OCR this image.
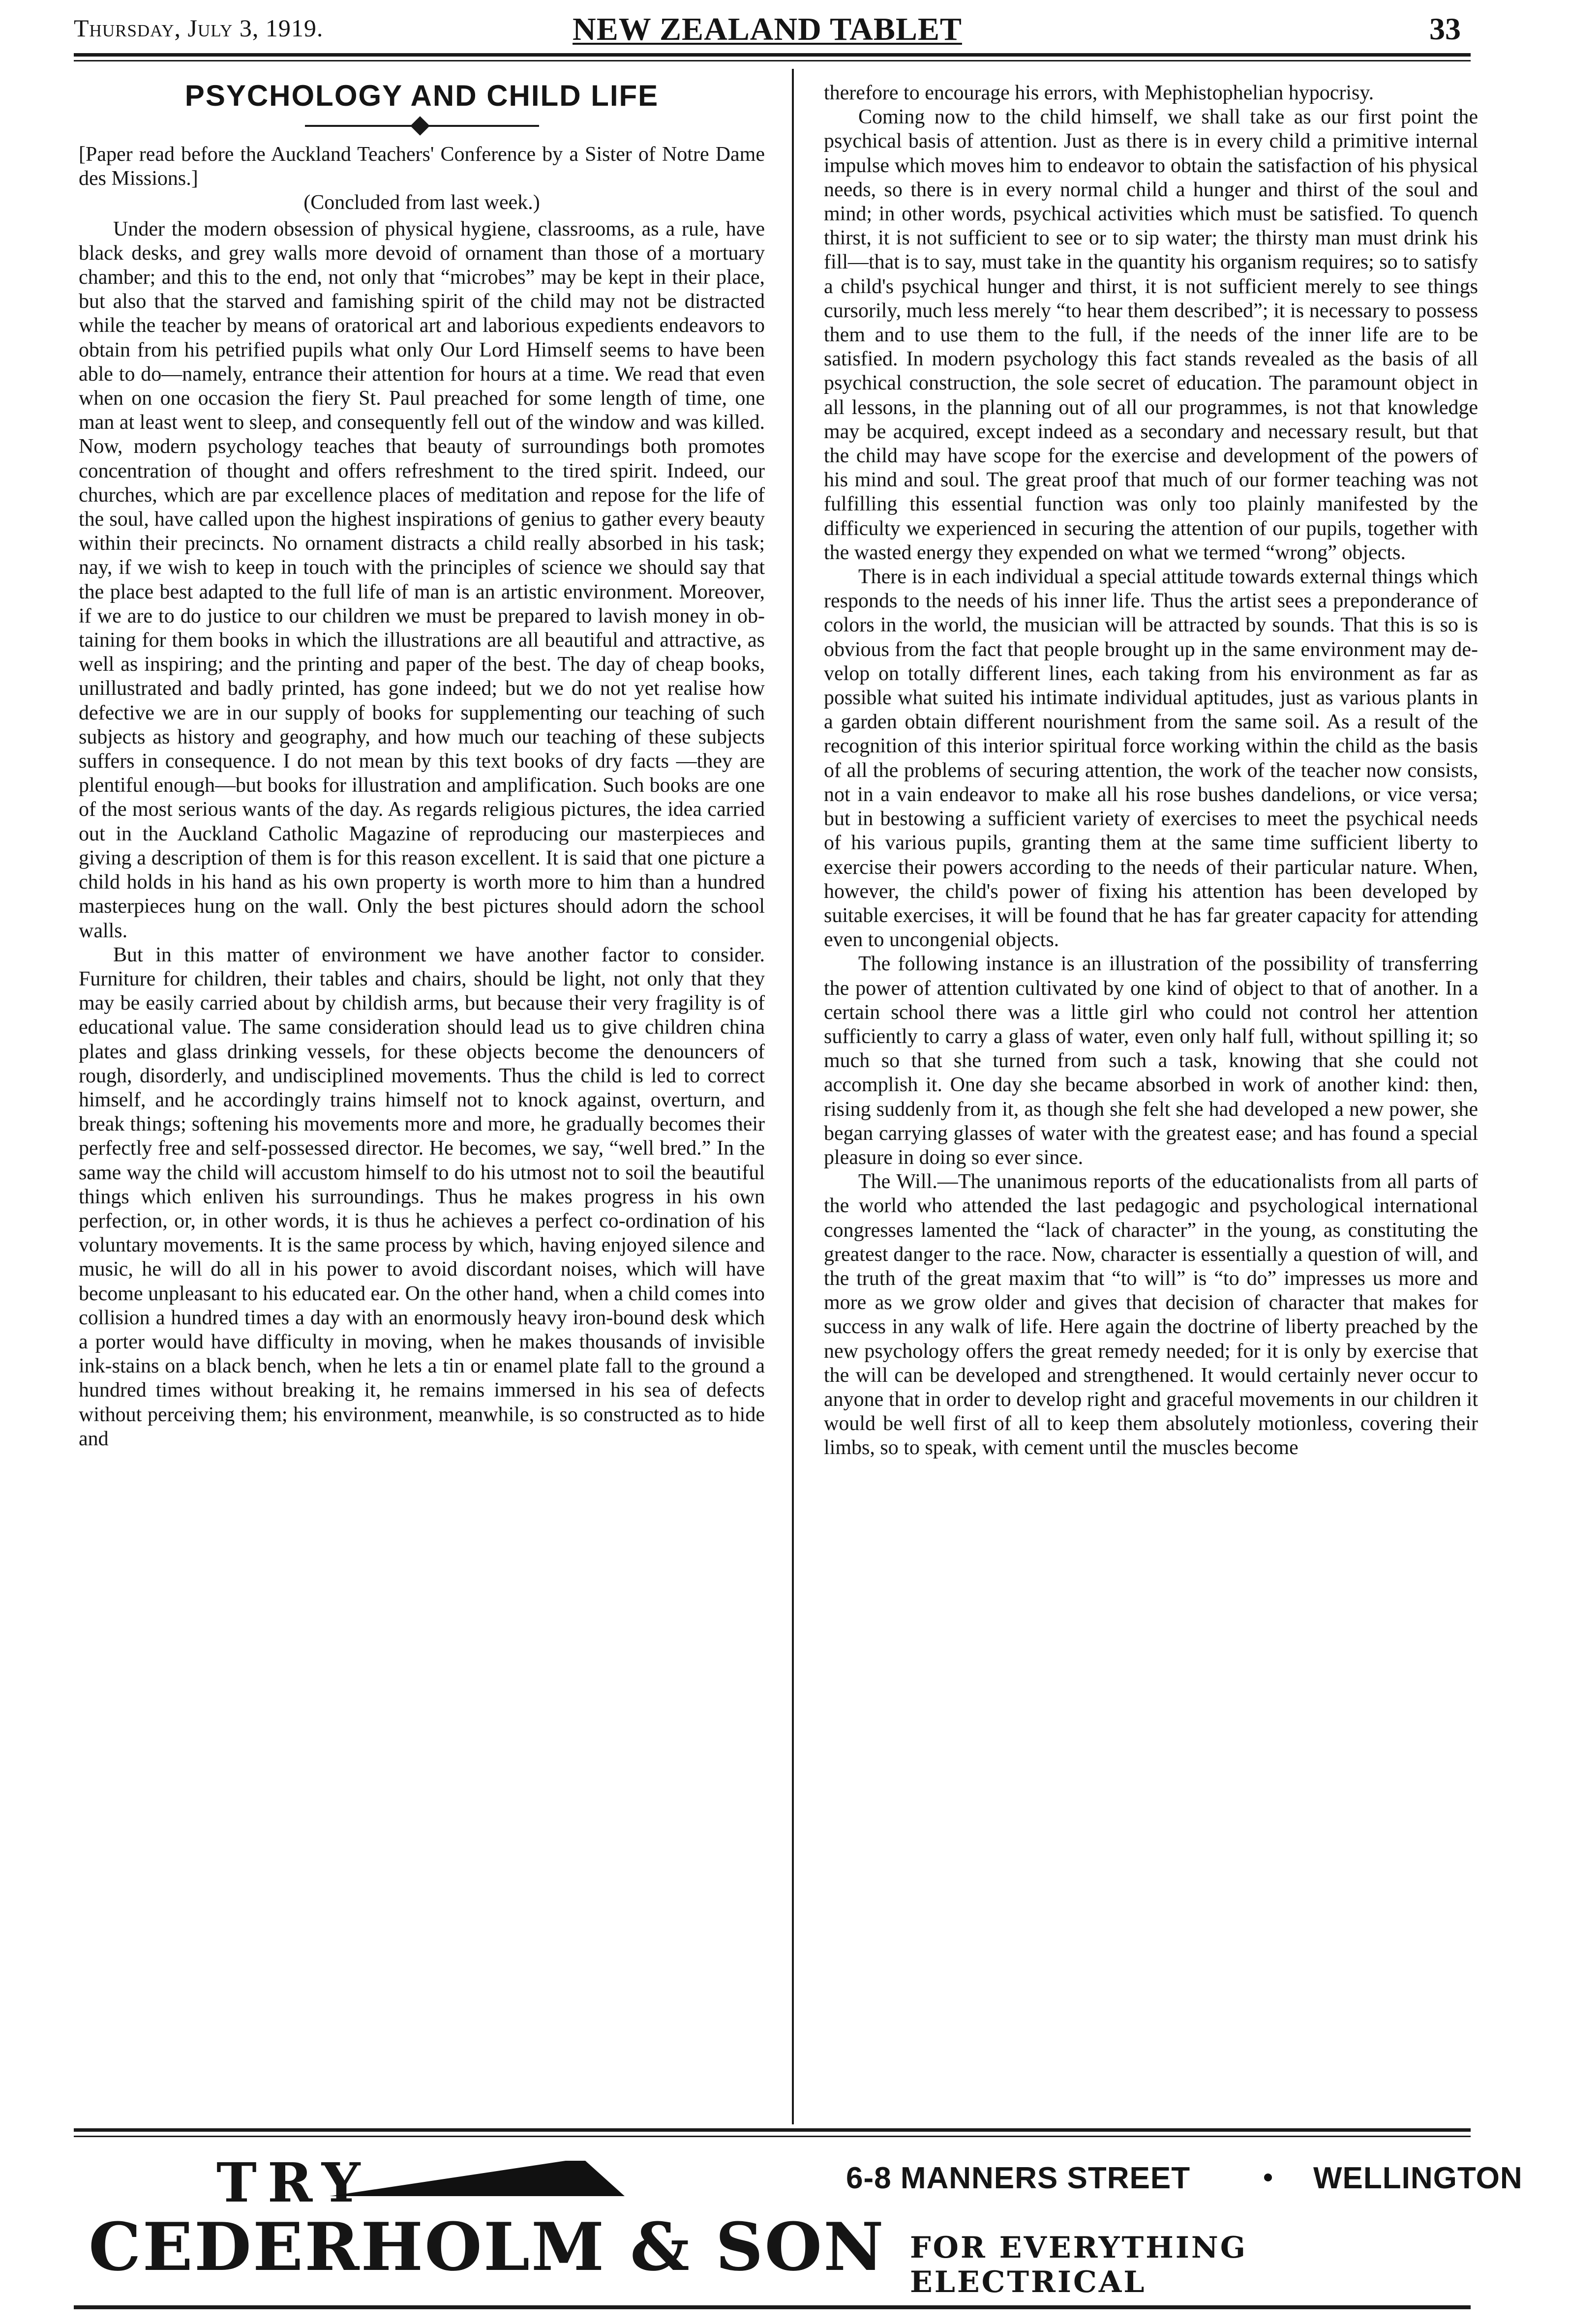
Thursday, July 3, 1919.	NEW ZEALAND TABLET	33
PSYCHOLOGY AND CHILD LIFE

[Paper read before the Auckland Teachers' Conference by a Sister of Notre Dame des Missions.]

(Concluded from last week.)

Under the modern obsession of physical hygiene, classrooms, as a rule, have black desks, and grey walls more devoid of ornament than those of a mortuary chamber; and this to the end, not only that “microbes” may be kept in their place, but also that the starved and famishing spirit of the child may not be distracted while the teacher by means of oratorical art and laborious expedients endeavors to obtain from his petrified pupils what only Our Lord Himself seems to have been able to do—namely, entrance their attention for hours at a time. We read that even when on one occasion the fiery St. Paul preached for some length of time, one man at least went to sleep, and consequently fell out of the window and was killed. Now, modern psychology teaches that beauty of surroundings both promotes concentration of thought and offers refreshment to the tired spirit. Indeed, our churches, which are par excellence places of meditation and repose for the life of the soul, have called upon the highest inspirations of genius to gather every beauty within their precincts. No ornament distracts a child really absorbed in his task; nay, if we wish to keep in touch with the principles of science we should say that the place best adapted to the full life of man is an artistic environment. Moreover, if we are to do justice to our children we must be prepared to lavish money in obtaining for them books in which the illustrations are all beautiful and attractive, as well as inspiring; and the printing and paper of the best. The day of cheap books, unillustrated and badly printed, has gone indeed; but we do not yet realise how defective we are in our supply of books for supplementing our teaching of such subjects as history and geography, and how much our teaching of these subjects suffers in consequence. I do not mean by this text books of dry facts —they are plentiful enough—but books for illustration and amplification. Such books are one of the most serious wants of the day. As regards religious pictures, the idea carried out in the Auckland Catholic Magazine of reproducing our masterpieces and giving a description of them is for this reason excellent. It is said that one picture a child holds in his hand as his own property is worth more to him than a hundred masterpieces hung on the wall. Only the best pictures should adorn the school walls.

But in this matter of environment we have another factor to consider. Furniture for children, their tables and chairs, should be light, not only that they may be easily carried about by childish arms, but because their very fragility is of educational value. The same consideration should lead us to give children china plates and glass drinking vessels, for these objects become the denouncers of rough, disorderly, and undisciplined movements. Thus the child is led to correct himself, and he accordingly trains himself not to knock against, overturn, and break things; softening his movements more and more, he gradually becomes their perfectly free and self-possessed director. He becomes, we say, “well bred.” In the same way the child will accustom himself to do his utmost not to soil the beautiful things which enliven his surroundings. Thus he makes progress in his own perfection, or, in other words, it is thus he achieves a perfect co-ordination of his voluntary movements. It is the same process by which, having enjoyed silence and music, he will do all in his power to avoid discordant noises, which will have become unpleasant to his educated ear. On the other hand, when a child comes into collision a hundred times a day with an enormously heavy iron-bound desk which a porter would have difficulty in moving, when he makes thousands of invisible ink-stains on a black bench, when he lets a tin or enamel plate fall to the ground a hundred times without breaking it, he remains immersed in his sea of defects without perceiving them; his environment, meanwhile, is so constructed as to hide and

therefore to encourage his errors, with Mephistophelian hypocrisy.

Coming now to the child himself, we shall take as our first point the psychical basis of attention. Just as there is in every child a primitive internal impulse which moves him to endeavor to obtain the satisfaction of his physical needs, so there is in every normal child a hunger and thirst of the soul and mind; in other words, psychical activities which must be satisfied. To quench thirst, it is not sufficient to see or to sip water; the thirsty man must drink his fill—that is to say, must take in the quantity his organism requires; so to satisfy a child's psychical hunger and thirst, it is not sufficient merely to see things cursorily, much less merely “to hear them described”; it is necessary to possess them and to use them to the full, if the needs of the inner life are to be satisfied. In modern psychology this fact stands revealed as the basis of all psychical construction, the sole secret of education. The paramount object in all lessons, in the planning out of all our programmes, is not that knowledge may be acquired, except indeed as a secondary and necessary result, but that the child may have scope for the exercise and development of the powers of his mind and soul. The great proof that much of our former teaching was not fulfilling this essential function was only too plainly manifested by the difficulty we experienced in securing the attention of our pupils, together with the wasted energy they expended on what we termed “wrong” objects.

There is in each individual a special attitude towards external things which responds to the needs of his inner life. Thus the artist sees a preponderance of colors in the world, the musician will be attracted by sounds. That this is so is obvious from the fact that people brought up in the same environment may develop on totally different lines, each taking from his environment as far as possible what suited his intimate individual aptitudes, just as various plants in a garden obtain different nourishment from the same soil. As a result of the recognition of this interior spiritual force working within the child as the basis of all the problems of securing attention, the work of the teacher now consists, not in a vain endeavor to make all his rose bushes dandelions, or vice versa; but in bestowing a sufficient variety of exercises to meet the psychical needs of his various pupils, granting them at the same time sufficient liberty to exercise their powers according to the needs of their particular nature. When, however, the child's power of fixing his attention has been developed by suitable exercises, it will be found that he has far greater capacity for attending even to uncongenial objects.

The following instance is an illustration of the possibility of transferring the power of attention cultivated by one kind of object to that of another. In a certain school there was a little girl who could not control her attention sufficiently to carry a glass of water, even only half full, without spilling it; so much so that she turned from such a task, knowing that she could not accomplish it. One day she became absorbed in work of another kind: then, rising suddenly from it, as though she felt she had developed a new power, she began carrying glasses of water with the greatest ease; and has found a special pleasure in doing so ever since.

The Will.—The unanimous reports of the educationalists from all parts of the world who attended the last pedagogic and psychological international congresses lamented the “lack of character” in the young, as constituting the greatest danger to the race. Now, character is essentially a question of will, and the truth of the great maxim that “to will” is “to do” impresses us more and more as we grow older and gives that decision of character that makes for success in any walk of life. Here again the doctrine of liberty preached by the new psychology offers the great remedy needed; for it is only by exercise that the will can be developed and strengthened. It would certainly never occur to anyone that in order to develop right and graceful movements in our children it would be well first of all to keep them absolutely motionless, covering their limbs, so to speak, with cement until the muscles become

TRY
CEDERHOLM & SON
6-8 MANNERS STREET	WELLINGTON
FOR EVERYTHING ELECTRICAL
